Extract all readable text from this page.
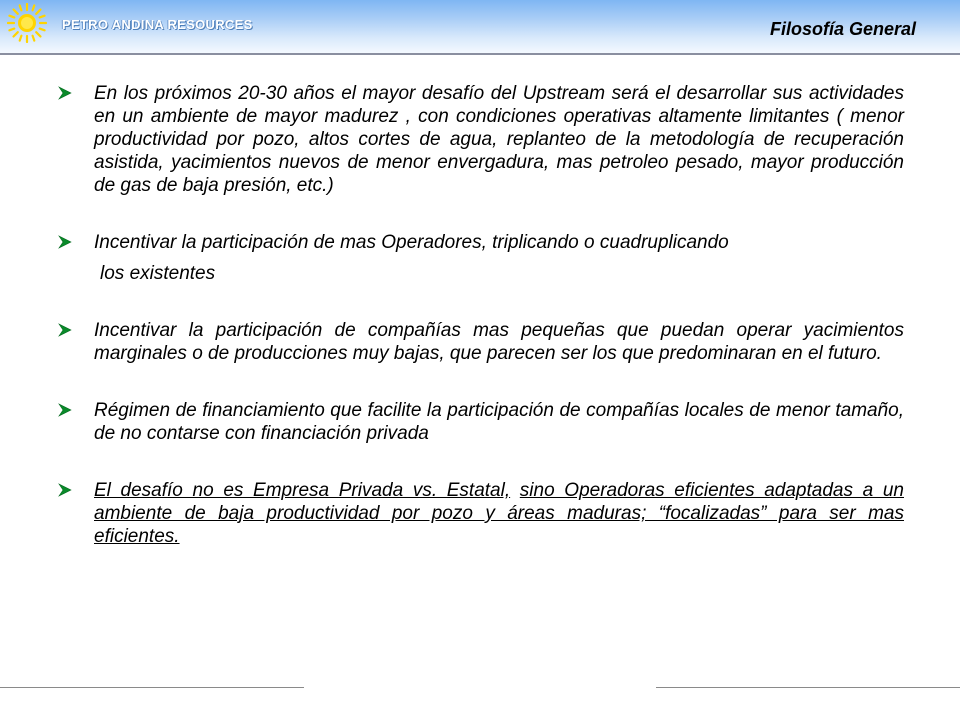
PETRO ANDINA RESOURCES	Filosofía General
En los próximos 20-30 años el mayor desafío del Upstream será el desarrollar sus actividades en un ambiente de mayor madurez , con condiciones operativas altamente limitantes ( menor productividad por pozo, altos cortes de agua, replanteo de la metodología de recuperación asistida, yacimientos nuevos de menor envergadura, mas petroleo pesado, mayor producción de gas de baja presión, etc.)
Incentivar la participación de mas Operadores, triplicando o cuadruplicando
los existentes
Incentivar la participación de compañías mas pequeñas que puedan operar yacimientos marginales o de producciones muy bajas, que parecen ser los que predominaran en el futuro.
Régimen de financiamiento que facilite la participación de compañías locales de menor tamaño, de no contarse con financiación privada
El desafío no es Empresa Privada vs. Estatal, sino Operadoras eficientes adaptadas a un ambiente de baja productividad por pozo y áreas maduras; “focalizadas” para ser mas eficientes.
